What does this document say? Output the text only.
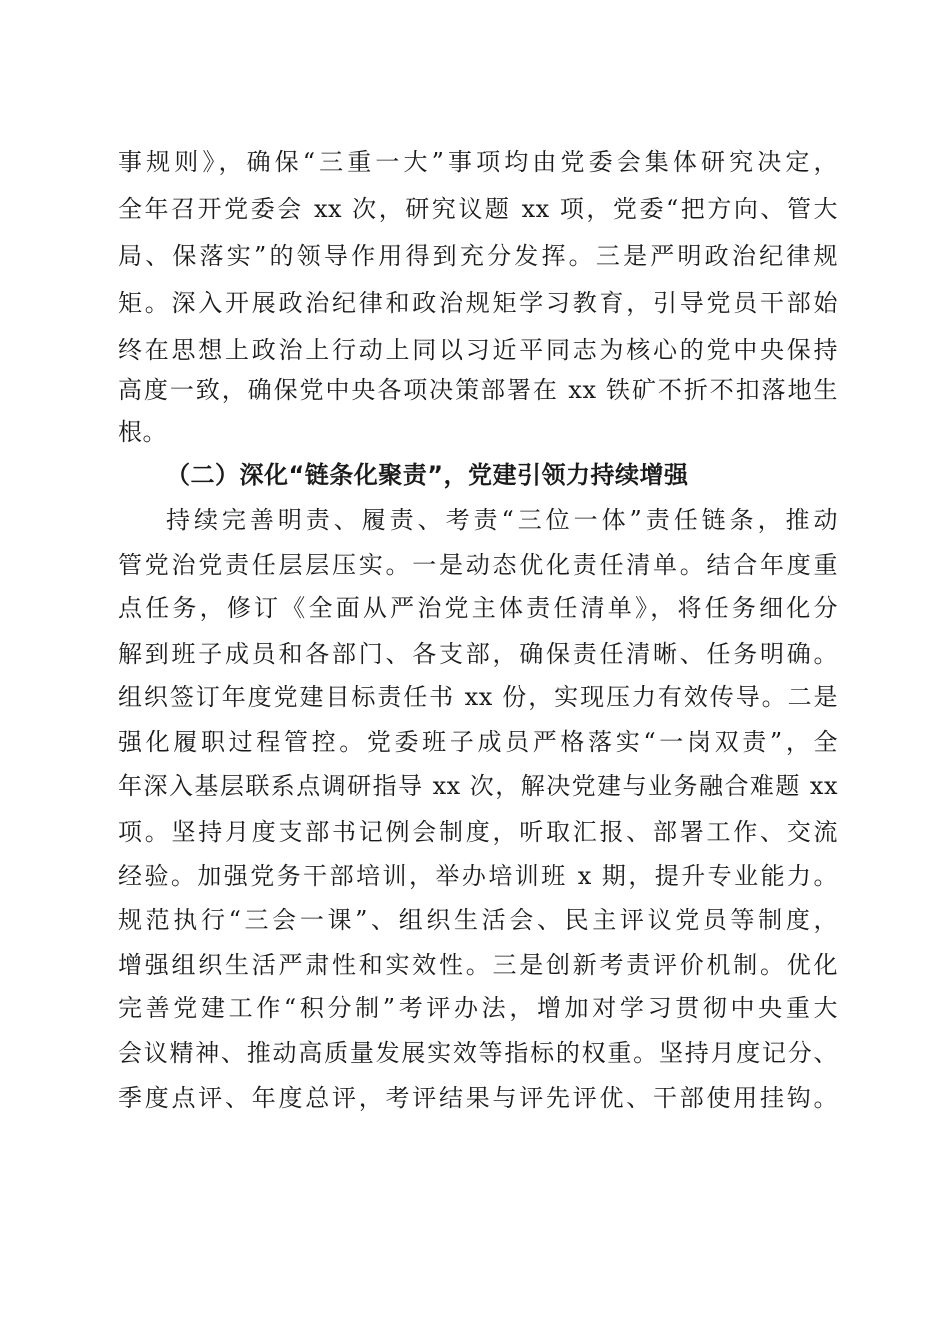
事规则》，确保“三重一大”事项均由党委会集体研究决定，
全年召开党委会 xx 次，研究议题 xx 项，党委“把方向、管大
局、保落实”的领导作用得到充分发挥。三是严明政治纪律规
矩。深入开展政治纪律和政治规矩学习教育，引导党员干部始
终在思想上政治上行动上同以习近平同志为核心的党中央保持
高度一致，确保党中央各项决策部署在 xx 铁矿不折不扣落地生
根。
（二）深化“链条化聚责”，党建引领力持续增强
持续完善明责、履责、考责“三位一体”责任链条，推动
管党治党责任层层压实。一是动态优化责任清单。结合年度重
点任务，修订《全面从严治党主体责任清单》，将任务细化分
解到班子成员和各部门、各支部，确保责任清晰、任务明确。
组织签订年度党建目标责任书 xx 份，实现压力有效传导。二是
强化履职过程管控。党委班子成员严格落实“一岗双责”，全
年深入基层联系点调研指导 xx 次，解决党建与业务融合难题 xx
项。坚持月度支部书记例会制度，听取汇报、部署工作、交流
经验。加强党务干部培训，举办培训班 x 期，提升专业能力。
规范执行“三会一课”、组织生活会、民主评议党员等制度，
增强组织生活严肃性和实效性。三是创新考责评价机制。优化
完善党建工作“积分制”考评办法，增加对学习贯彻中央重大
会议精神、推动高质量发展实效等指标的权重。坚持月度记分、
季度点评、年度总评，考评结果与评先评优、干部使用挂钩。
